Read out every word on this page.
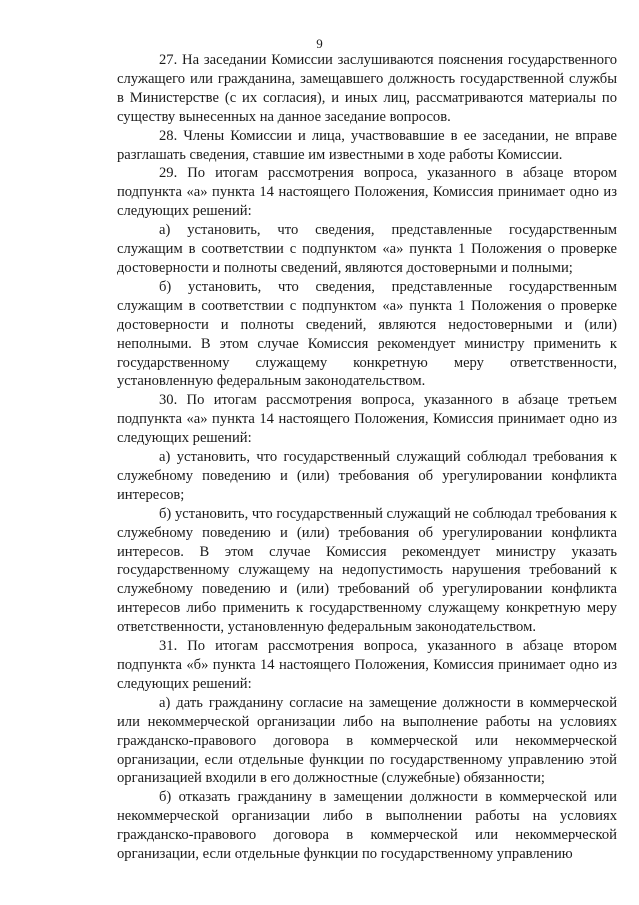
9

27. На заседании Комиссии заслушиваются пояснения государственного служащего или гражданина, замещавшего должность государственной службы в Министерстве (с их согласия), и иных лиц, рассматриваются материалы по существу вынесенных на данное заседание вопросов.

28. Члены Комиссии и лица, участвовавшие в ее заседании, не вправе разглашать сведения, ставшие им известными в ходе работы Комиссии.

29. По итогам рассмотрения вопроса, указанного в абзаце втором подпункта «а» пункта 14 настоящего Положения, Комиссия принимает одно из следующих решений:

а) установить, что сведения, представленные государственным служащим в соответствии с подпунктом «а» пункта 1 Положения о проверке достоверности и полноты сведений, являются достоверными и полными;

б) установить, что сведения, представленные государственным служащим в соответствии с подпунктом «а» пункта 1 Положения о проверке достоверности и полноты сведений, являются недостоверными и (или) неполными. В этом случае Комиссия рекомендует министру применить к государственному служащему конкретную меру ответственности, установленную федеральным законодательством.

30. По итогам рассмотрения вопроса, указанного в абзаце третьем подпункта «а» пункта 14 настоящего Положения, Комиссия принимает одно из следующих решений:

а) установить, что государственный служащий соблюдал требования к служебному поведению и (или) требования об урегулировании конфликта интересов;

б) установить, что государственный служащий не соблюдал требования к служебному поведению и (или) требования об урегулировании конфликта интересов. В этом случае Комиссия рекомендует министру указать государственному служащему на недопустимость нарушения требований к служебному поведению и (или) требований об урегулировании конфликта интересов либо применить к государственному служащему конкретную меру ответственности, установленную федеральным законодательством.

31. По итогам рассмотрения вопроса, указанного в абзаце втором подпункта «б» пункта 14 настоящего Положения, Комиссия принимает одно из следующих решений:

а) дать гражданину согласие на замещение должности в коммерческой или некоммерческой организации либо на выполнение работы на условиях гражданско-правового договора в коммерческой или некоммерческой организации, если отдельные функции по государственному управлению этой организацией входили в его должностные (служебные) обязанности;

б) отказать гражданину в замещении должности в коммерческой или некоммерческой организации либо в выполнении работы на условиях гражданско-правового договора в коммерческой или некоммерческой организации, если отдельные функции по государственному управлению
